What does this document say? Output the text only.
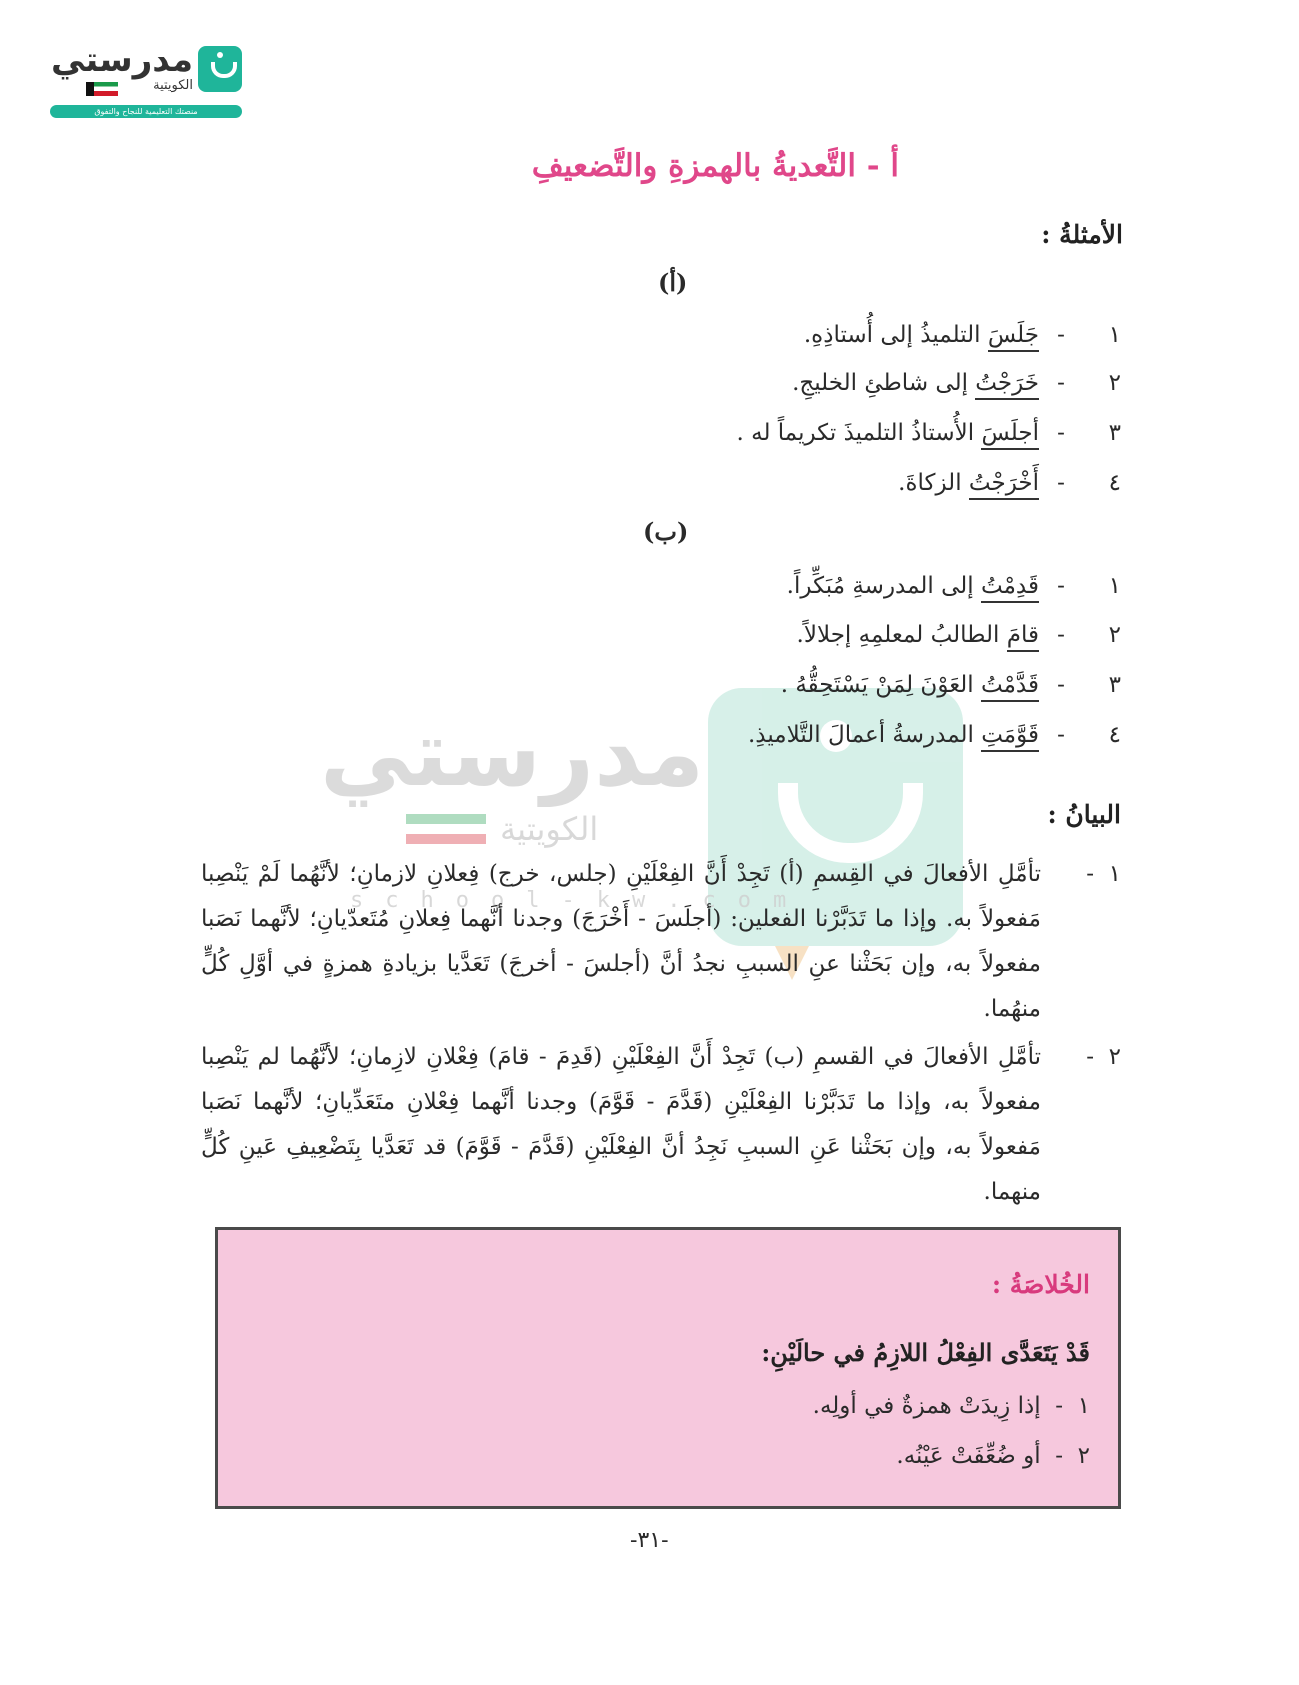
مدرستي
الكويتية
منصتك التعليمية للنجاح والتفوق
مدرستي
الكويتية
school-kw.com
أ - التَّعديةُ بالهمزةِ والتَّضعيفِ
الأمثلةُ :
(أ)
١-جَلَسَ التلميذُ إلى أُستاذِهِ.
٢-خَرَجْتُ إلى شاطئِ الخليجِ.
٣-أجلَسَ الأُستاذُ التلميذَ تكريماً له .
٤-أَخْرَجْتُ الزكاةَ.
(ب)
١-قَدِمْتُ إلى المدرسةِ مُبَكِّراً.
٢-قامَ الطالبُ لمعلمِهِ إجلالاً.
٣-قَدَّمْتُ العَوْنَ لِمَنْ يَسْتَحِقُّهُ .
٤-قَوَّمَتِ المدرسةُ أعمالَ التَّلاميذِ.
البيانُ :
١  -
تأمَّلِ الأفعالَ في القِسمِ (أ) تَجِدْ أَنَّ الفِعْلَيْنِ (جلس، خرج) فِعلانِ لازمانِ؛ لأنَّهُما لَمْ يَنْصِبا مَفعولاً به. وإذا ما تَدَبَّرْنا الفعلين: (أجلَسَ - أَخْرَجَ) وجدنا أنَّهما فِعلانِ مُتَعدّيانِ؛ لأنَّهما نَصَبا مفعولاً به، وإن بَحَثْنا عنِ السببِ نجدُ أنَّ (أجلسَ - أخرجَ) تَعَدَّيا بزيادةِ همزةٍ في أوَّلِ كُلٍّ منهُما.
٢  -
تأمَّلِ الأفعالَ في القسمِ (ب) تَجِدْ أَنَّ الفِعْلَيْنِ (قَدِمَ - قامَ) فِعْلانِ لازِمانِ؛ لأنَّهُما لم يَنْصِبا مفعولاً به، وإذا ما تَدَبَّرْنا الفِعْلَيْنِ (قَدَّمَ - قَوَّمَ) وجدنا أنَّهما فِعْلانِ متَعَدِّيانِ؛ لأنَّهما نَصَبا مَفعولاً به، وإن بَحَثْنا عَنِ السببِ نَجِدُ أنَّ الفِعْلَيْنِ (قَدَّمَ - قَوَّمَ) قد تَعَدَّيا بِتَضْعِيفِ عَينِ كُلٍّ منهما.
الخُلاصَةُ :
قَدْ يَتَعَدَّى الفِعْلُ اللازِمُ في حالَيْنِ:
١  -  إذا زِيدَتْ همزةٌ في أولِه.
٢  -  أو ضُعِّفَتْ عَيْنُه.
-٣١-
